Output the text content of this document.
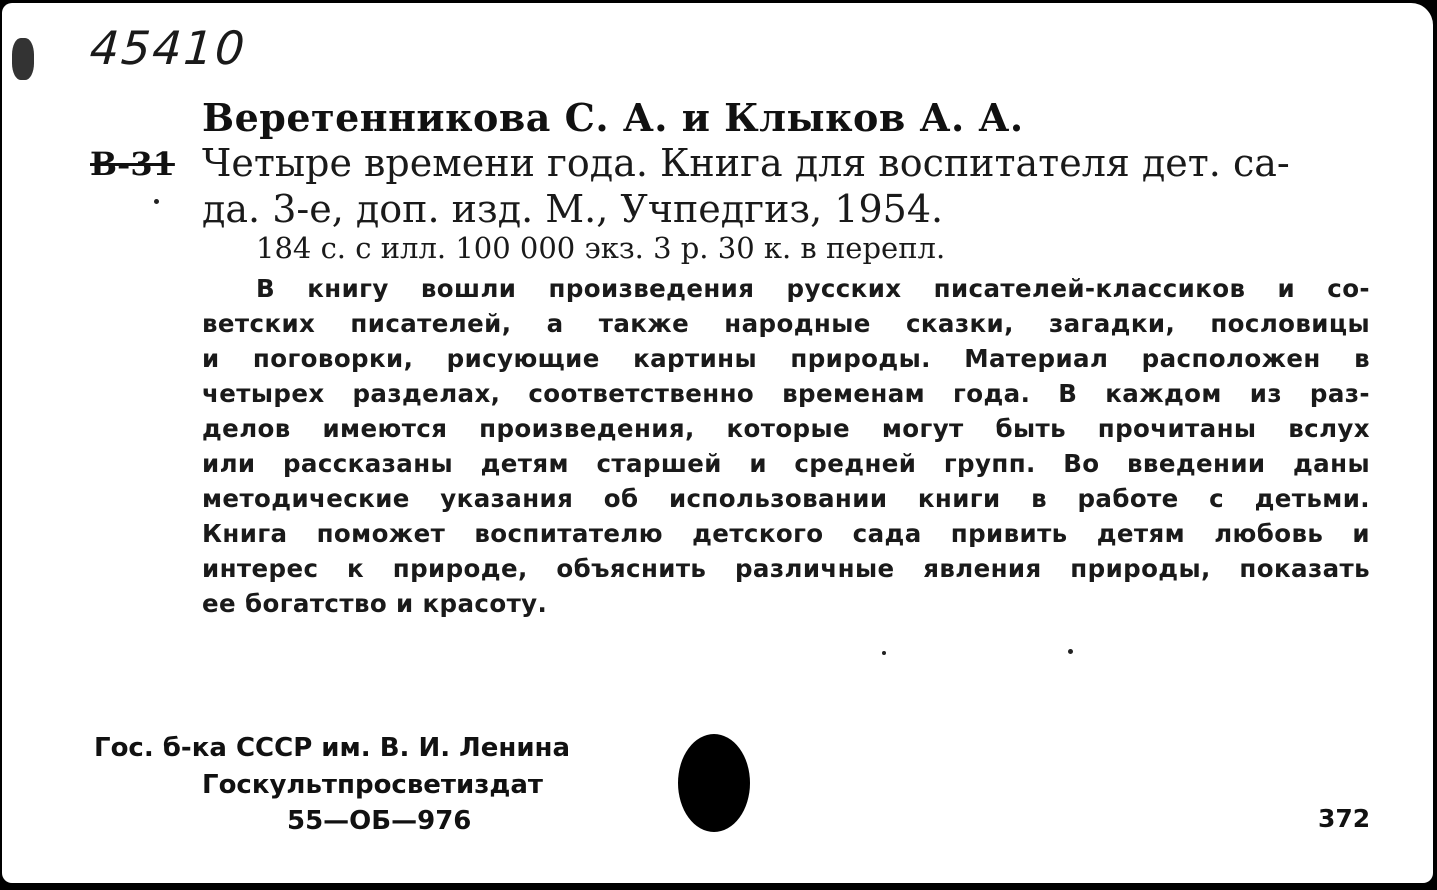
45410
Веретенникова С. А. и Клыков А. А.
В-31 Четыре времени года. Книга для воспитателя дет. са-
да. 3-е, доп. изд. М., Учпедгиз, 1954.
184 с. с илл. 100 000 экз. 3 р. 30 к. в перепл.
В книгу вошли произведения русских писателей-классиков и со-
ветских писателей, а также народные сказки, загадки, пословицы
и поговорки, рисующие картины природы. Материал расположен в
четырех разделах, соответственно временам года. В каждом из раз-
делов имеются произведения, которые могут быть прочитаны вслух
или рассказаны детям старшей и средней групп. Во введении даны
методические указания об использовании книги в работе с детьми.
Книга поможет воспитателю детского сада привить детям любовь и
интерес к природе, объяснить различные явления природы, показать
ее богатство и красоту.
Гос. б-ка СССР им. В. И. Ленина
Госкультпросветиздат
55—ОБ—976	372
